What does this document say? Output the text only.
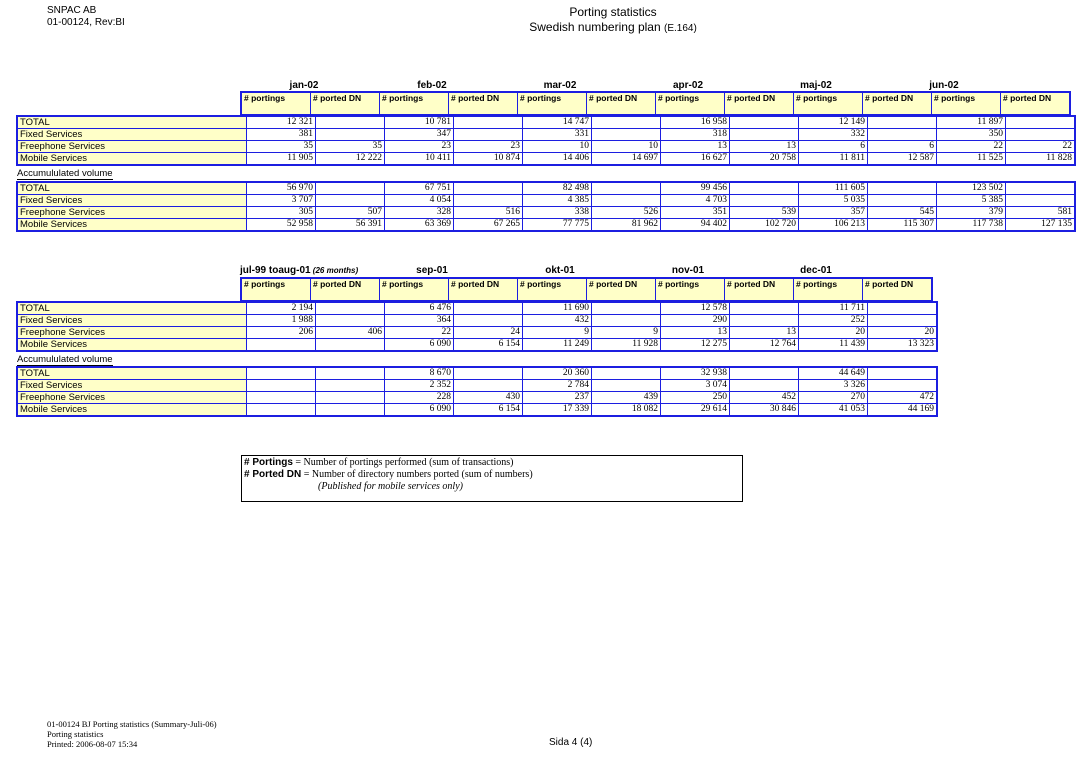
SNPAC AB
01-00124, Rev:BI
Porting statistics
Swedish numbering plan (E.164)
jan-02	feb-02	mar-02	apr-02	maj-02	jun-02
# portings	# ported DN	# portings	# ported DN	# portings	# ported DN	# portings	# ported DN	# portings	# ported DN	# portings	# ported DN
TOTAL	12 321		10 781		14 747		16 958		12 149		11 897	
Fixed Services	381		347		331		318		332		350	
Freephone Services	35	35	23	23	10	10	13	13	6	6	22	22
Mobile Services	11 905	12 222	10 411	10 874	14 406	14 697	16 627	20 758	11 811	12 587	11 525	11 828
Accumululated volume
TOTAL	56 970		67 751		82 498		99 456		111 605		123 502	
Fixed Services	3 707		4 054		4 385		4 703		5 035		5 385	
Freephone Services	305	507	328	516	338	526	351	539	357	545	379	581
Mobile Services	52 958	56 391	63 369	67 265	77 775	81 962	94 402	102 720	106 213	115 307	117 738	127 135
jul-99 toaug-01 (26 months)	sep-01	okt-01	nov-01	dec-01
# portings	# ported DN	# portings	# ported DN	# portings	# ported DN	# portings	# ported DN	# portings	# ported DN
TOTAL	2 194		6 476		11 690		12 578		11 711	
Fixed Services	1 988		364		432		290		252	
Freephone Services	206	406	22	24	9	9	13	13	20	20
Mobile Services			6 090	6 154	11 249	11 928	12 275	12 764	11 439	13 323
Accumululated volume
TOTAL			8 670		20 360		32 938		44 649	
Fixed Services			2 352		2 784		3 074		3 326	
Freephone Services			228	430	237	439	250	452	270	472
Mobile Services			6 090	6 154	17 339	18 082	29 614	30 846	41 053	44 169
# Portings = Number of portings performed (sum of transactions)
# Ported DN = Number of directory numbers ported (sum of numbers)
(Published for mobile services only)
01-00124 BJ Porting statistics (Summary-Juli-06)
Porting statistics
Printed: 2006-08-07 15:34	Sida 4 (4)
